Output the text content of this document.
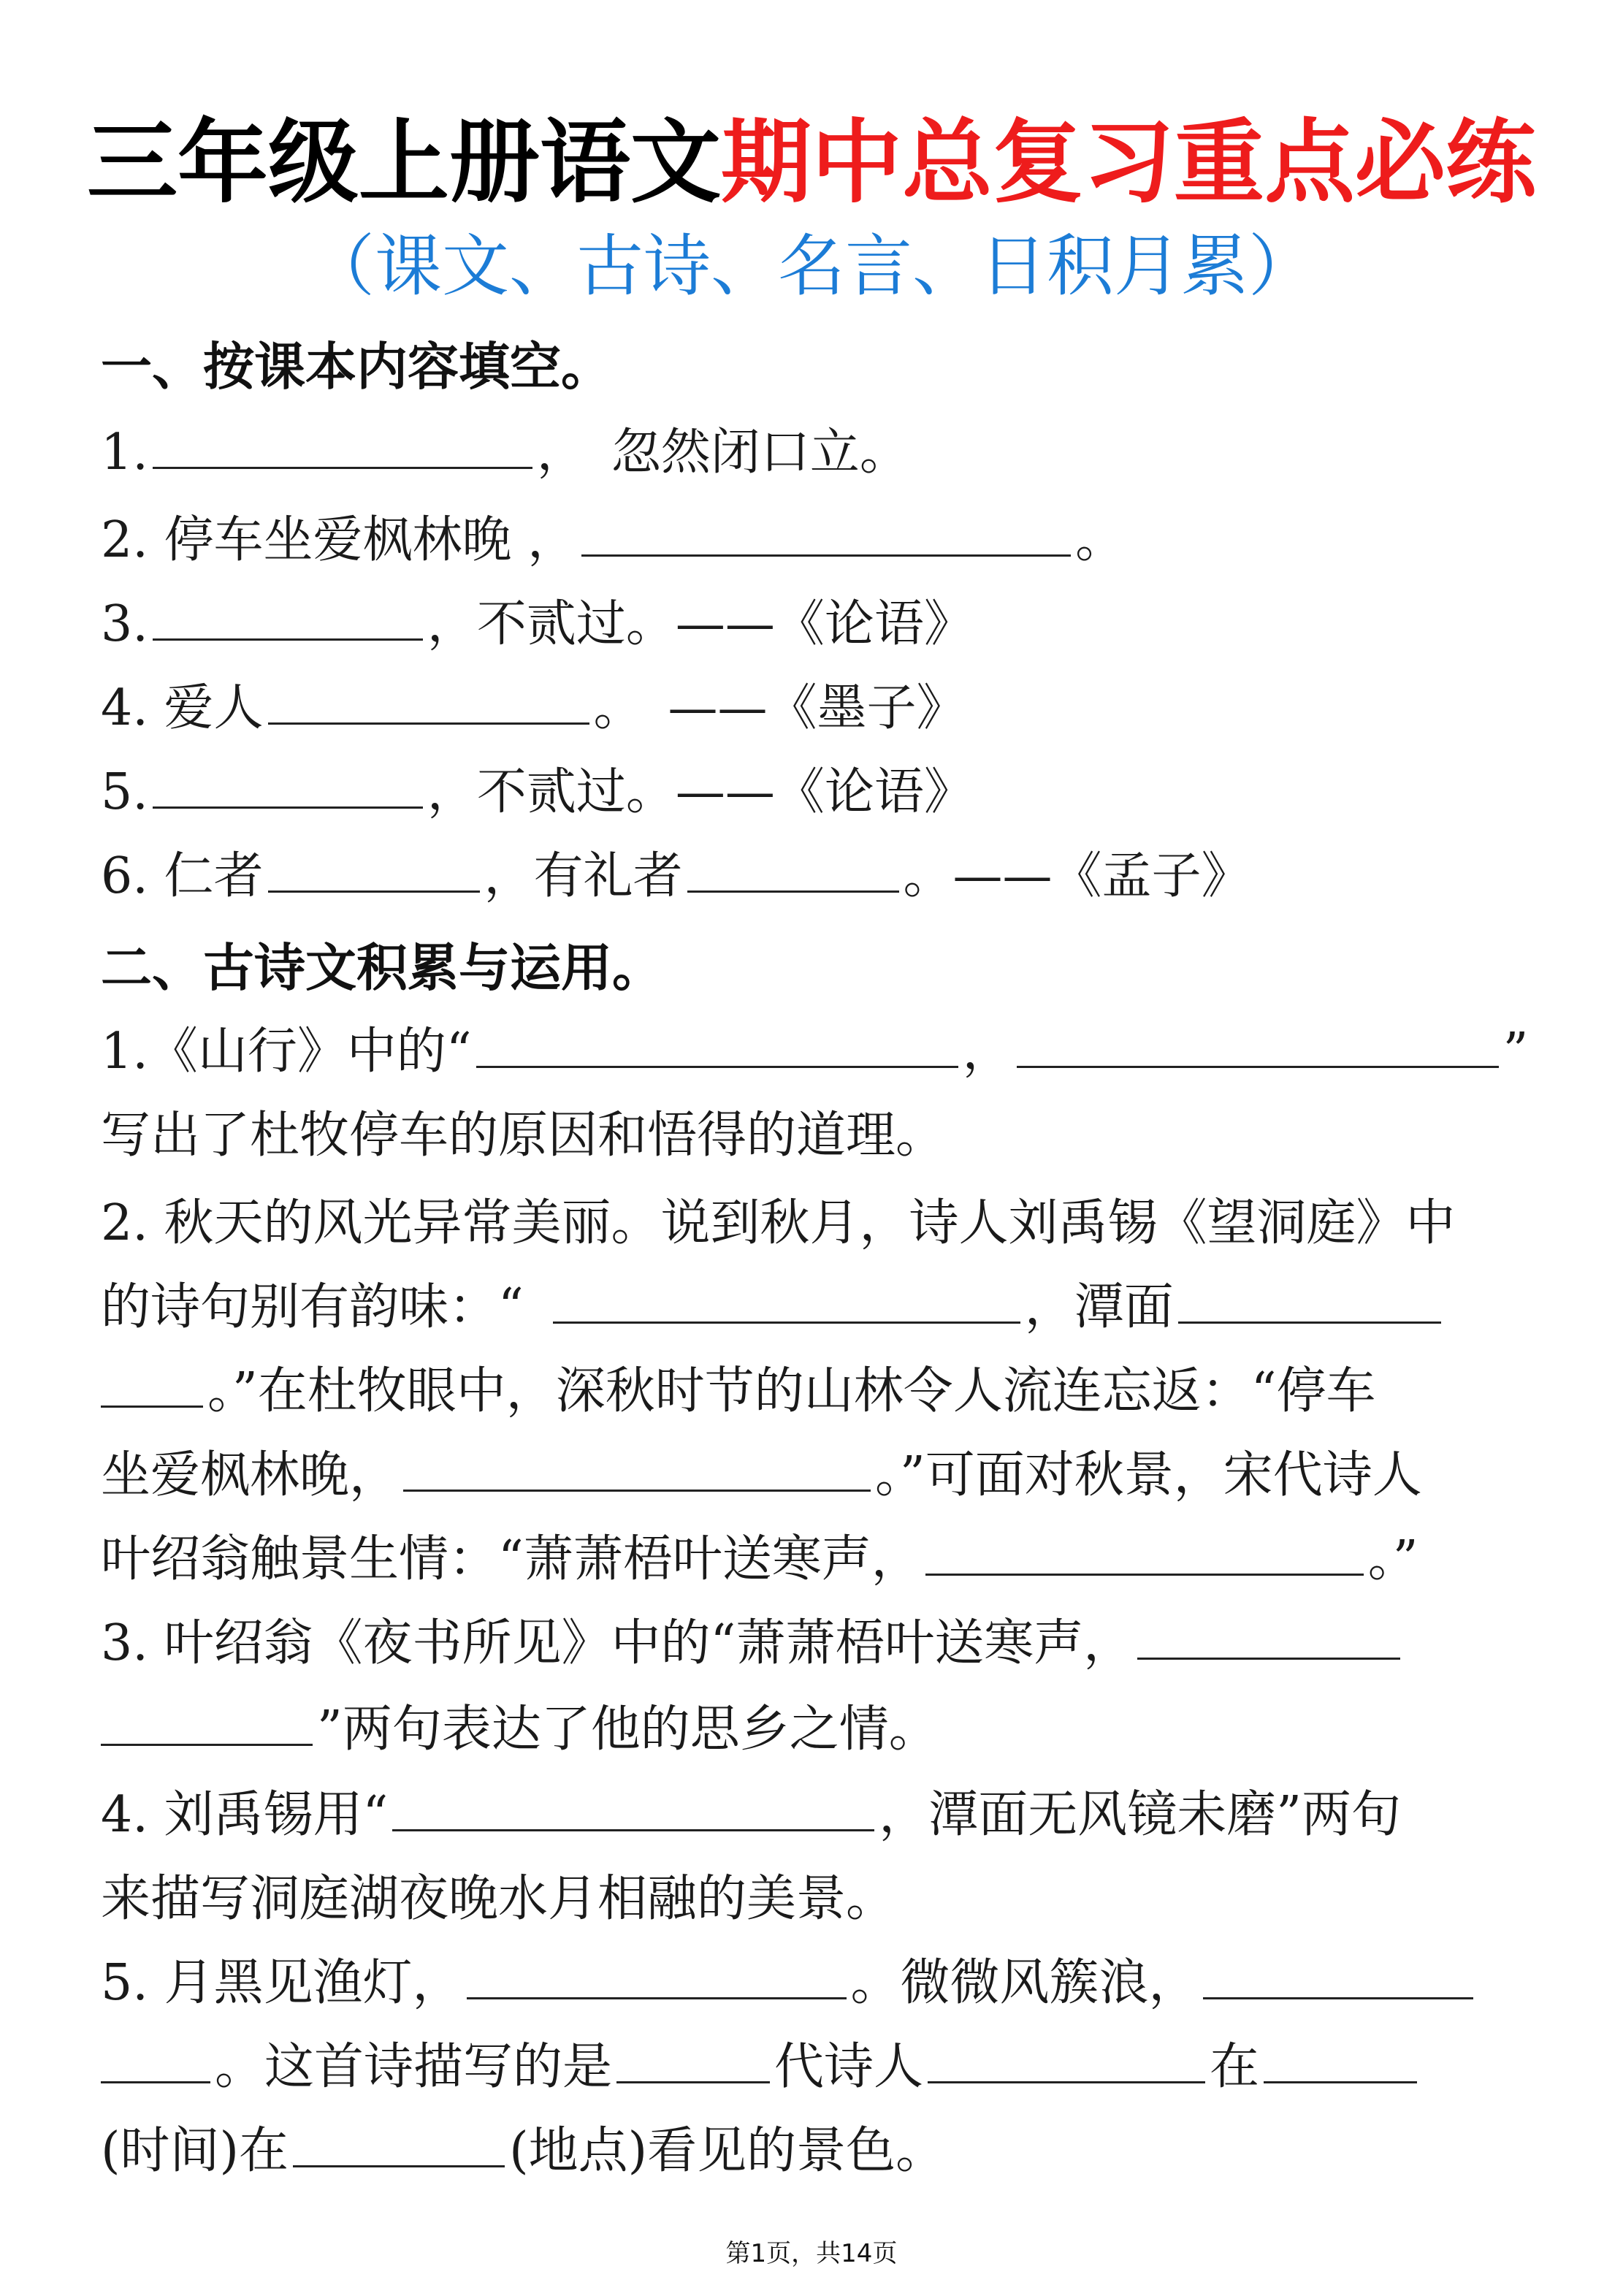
三年级上册语文期中总复习重点必练
（课文、古诗、名言、日积月累）
一、按课本内容填空。
1.	，　忽然闭口立。
2. 停车坐爱枫林晚 ，	。
3.	，不贰过。——《论语》
4. 爱人	。　——《墨子》
5.	，不贰过。——《论语》
6. 仁者	，有礼者	。——《孟子》
二、古诗文积累与运用。
1.《山行》中的“	，	”
写出了杜牧停车的原因和悟得的道理。
2. 秋天的风光异常美丽。说到秋月，诗人刘禹锡《望洞庭》中
的诗句别有韵味：“	，潭面
。”在杜牧眼中，深秋时节的山林令人流连忘返：“停车
坐爱枫林晚，	。”可面对秋景，宋代诗人
叶绍翁触景生情：“萧萧梧叶送寒声，	。”
3. 叶绍翁《夜书所见》中的“萧萧梧叶送寒声，
”两句表达了他的思乡之情。
4. 刘禹锡用“	，潭面无风镜未磨”两句
来描写洞庭湖夜晚水月相融的美景。
5. 月黑见渔灯，	。微微风簇浪，
。这首诗描写的是	代诗人	在
(时间)在	(地点)看见的景色。
第1页，共14页
